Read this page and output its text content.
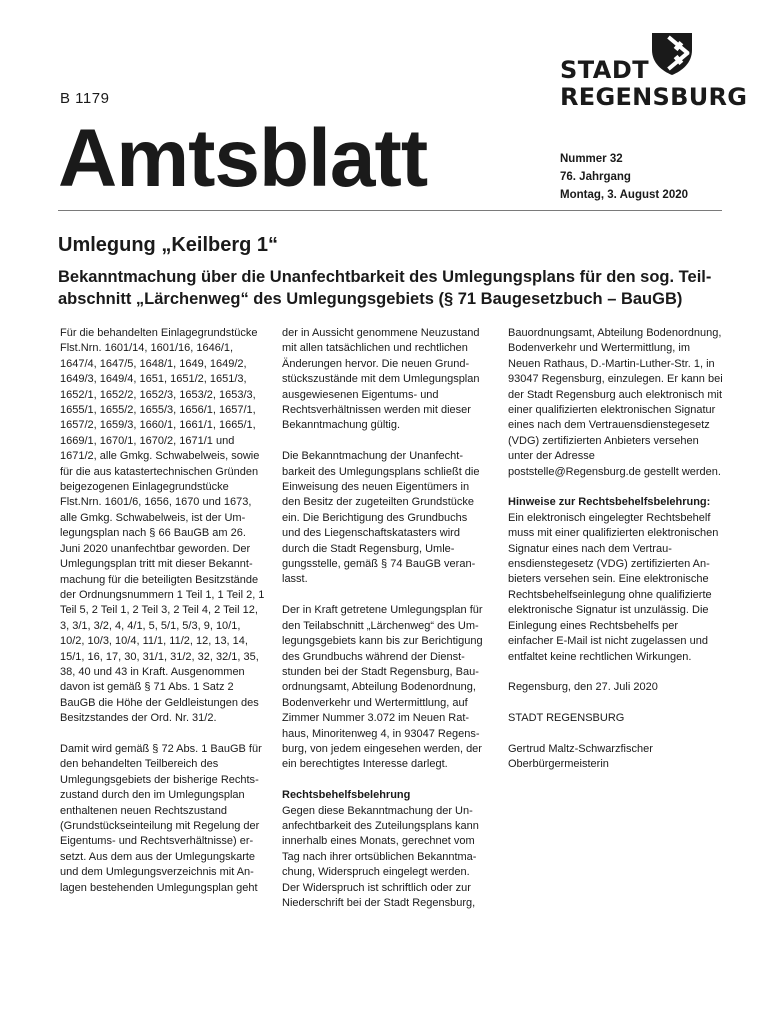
B 1179
Amtsblatt
STADT
REGENSBURG
Nummer 32
76. Jahrgang
Montag, 3. August 2020
Umlegung „Keilberg 1“
Bekanntmachung über die Unanfechtbarkeit des Umlegungsplans für den sog. Teilabschnitt „Lärchenweg“ des Umlegungsgebiets (§ 71 Baugesetzbuch – BauGB)

Für die behandelten Einlagegrundstücke Flst.Nrn. 1601/14, 1601/16, 1646/1, 1647/4, 1647/5, 1648/1, 1649, 1649/2, 1649/3, 1649/4, 1651, 1651/2, 1651/3, 1652/1, 1652/2, 1652/3, 1653/2, 1653/3, 1655/1, 1655/2, 1655/3, 1656/1, 1657/1, 1657/2, 1659/3, 1660/1, 1661/1, 1665/1, 1669/1, 1670/1, 1670/2, 1671/1 und 1671/2, alle Gmkg. Schwabelweis, sowie für die aus katastertechnischen Gründen beigezogenen Einlagegrundstücke Flst.Nrn. 1601/6, 1656, 1670 und 1673, alle Gmkg. Schwabelweis, ist der Umlegungsplan nach § 66 BauGB am 26. Juni 2020 unanfechtbar geworden. Der Umlegungsplan tritt mit dieser Bekanntmachung für die beteiligten Besitzstände der Ordnungsnummern 1 Teil 1, 1 Teil 2, 1 Teil 5, 2 Teil 1, 2 Teil 3, 2 Teil 4, 2 Teil 12, 3, 3/1, 3/2, 4, 4/1, 5, 5/1, 5/3, 9, 10/1, 10/2, 10/3, 10/4, 11/1, 11/2, 12, 13, 14, 15/1, 16, 17, 30, 31/1, 31/2, 32, 32/1, 35, 38, 40 und 43 in Kraft. Ausgenommen davon ist gemäß § 71 Abs. 1 Satz 2 BauGB die Höhe der Geldleistungen des Besitzstandes der Ord. Nr. 31/2.

Damit wird gemäß § 72 Abs. 1 BauGB für den behandelten Teilbereich des Umlegungsgebiets der bisherige Rechtszustand durch den im Umlegungsplan enthaltenen neuen Rechtszustand (Grundstückseinteilung mit Regelung der Eigentums- und Rechtsverhältnisse) ersetzt. Aus dem aus der Umlegungskarte und dem Umlegungsverzeichnis mit Anlagen bestehenden Umlegungsplan geht

der in Aussicht genommene Neuzustand mit allen tatsächlichen und rechtlichen Änderungen hervor. Die neuen Grundstückszustände mit dem Umlegungsplan ausgewiesenen Eigentums- und Rechtsverhältnissen werden mit dieser Bekanntmachung gültig.

Die Bekanntmachung der Unanfechtbarkeit des Umlegungsplans schließt die Einweisung des neuen Eigentümers in den Besitz der zugeteilten Grundstücke ein. Die Berichtigung des Grundbuchs und des Liegenschaftskatasters wird durch die Stadt Regensburg, Umlegungsstelle, gemäß § 74 BauGB veranlasst.

Der in Kraft getretene Umlegungsplan für den Teilabschnitt „Lärchenweg“ des Umlegungsgebiets kann bis zur Berichtigung des Grundbuchs während der Dienststunden bei der Stadt Regensburg, Bauordnungsamt, Abteilung Bodenordnung, Bodenverkehr und Wertermittlung, auf Zimmer Nummer 3.072 im Neuen Rathaus, Minoritenweg 4, in 93047 Regensburg, von jedem eingesehen werden, der ein berechtigtes Interesse darlegt.

Rechtsbehelfsbelehrung
Gegen diese Bekanntmachung der Unanfechtbarkeit des Zuteilungsplans kann innerhalb eines Monats, gerechnet vom Tag nach ihrer ortsüblichen Bekanntmachung, Widerspruch eingelegt werden. Der Widerspruch ist schriftlich oder zur Niederschrift bei der Stadt Regensburg,

Bauordnungsamt, Abteilung Bodenordnung, Bodenverkehr und Wertermittlung, im Neuen Rathaus, D.-Martin-Luther-Str. 1, in 93047 Regensburg, einzulegen. Er kann bei der Stadt Regensburg auch elektronisch mit einer qualifizierten elektronischen Signatur eines nach dem Vertrauensdienstegesetz (VDG) zertifizierten Anbieters versehen unter der Adresse poststelle@Regensburg.de gestellt werden.

Hinweise zur Rechtsbehelfsbelehrung:
Ein elektronisch eingelegter Rechtsbehelf muss mit einer qualifizierten elektronischen Signatur eines nach dem Vertrauensdienstegesetz (VDG) zertifizierten Anbieters versehen sein. Eine elektronische Rechtsbehelfseinlegung ohne qualifizierte elektronische Signatur ist unzulässig. Die Einlegung eines Rechtsbehelfs per einfacher E-Mail ist nicht zugelassen und entfaltet keine rechtlichen Wirkungen.

Regensburg, den 27. Juli 2020

STADT REGENSBURG

Gertrud Maltz-Schwarzfischer
Oberbürgermeisterin
